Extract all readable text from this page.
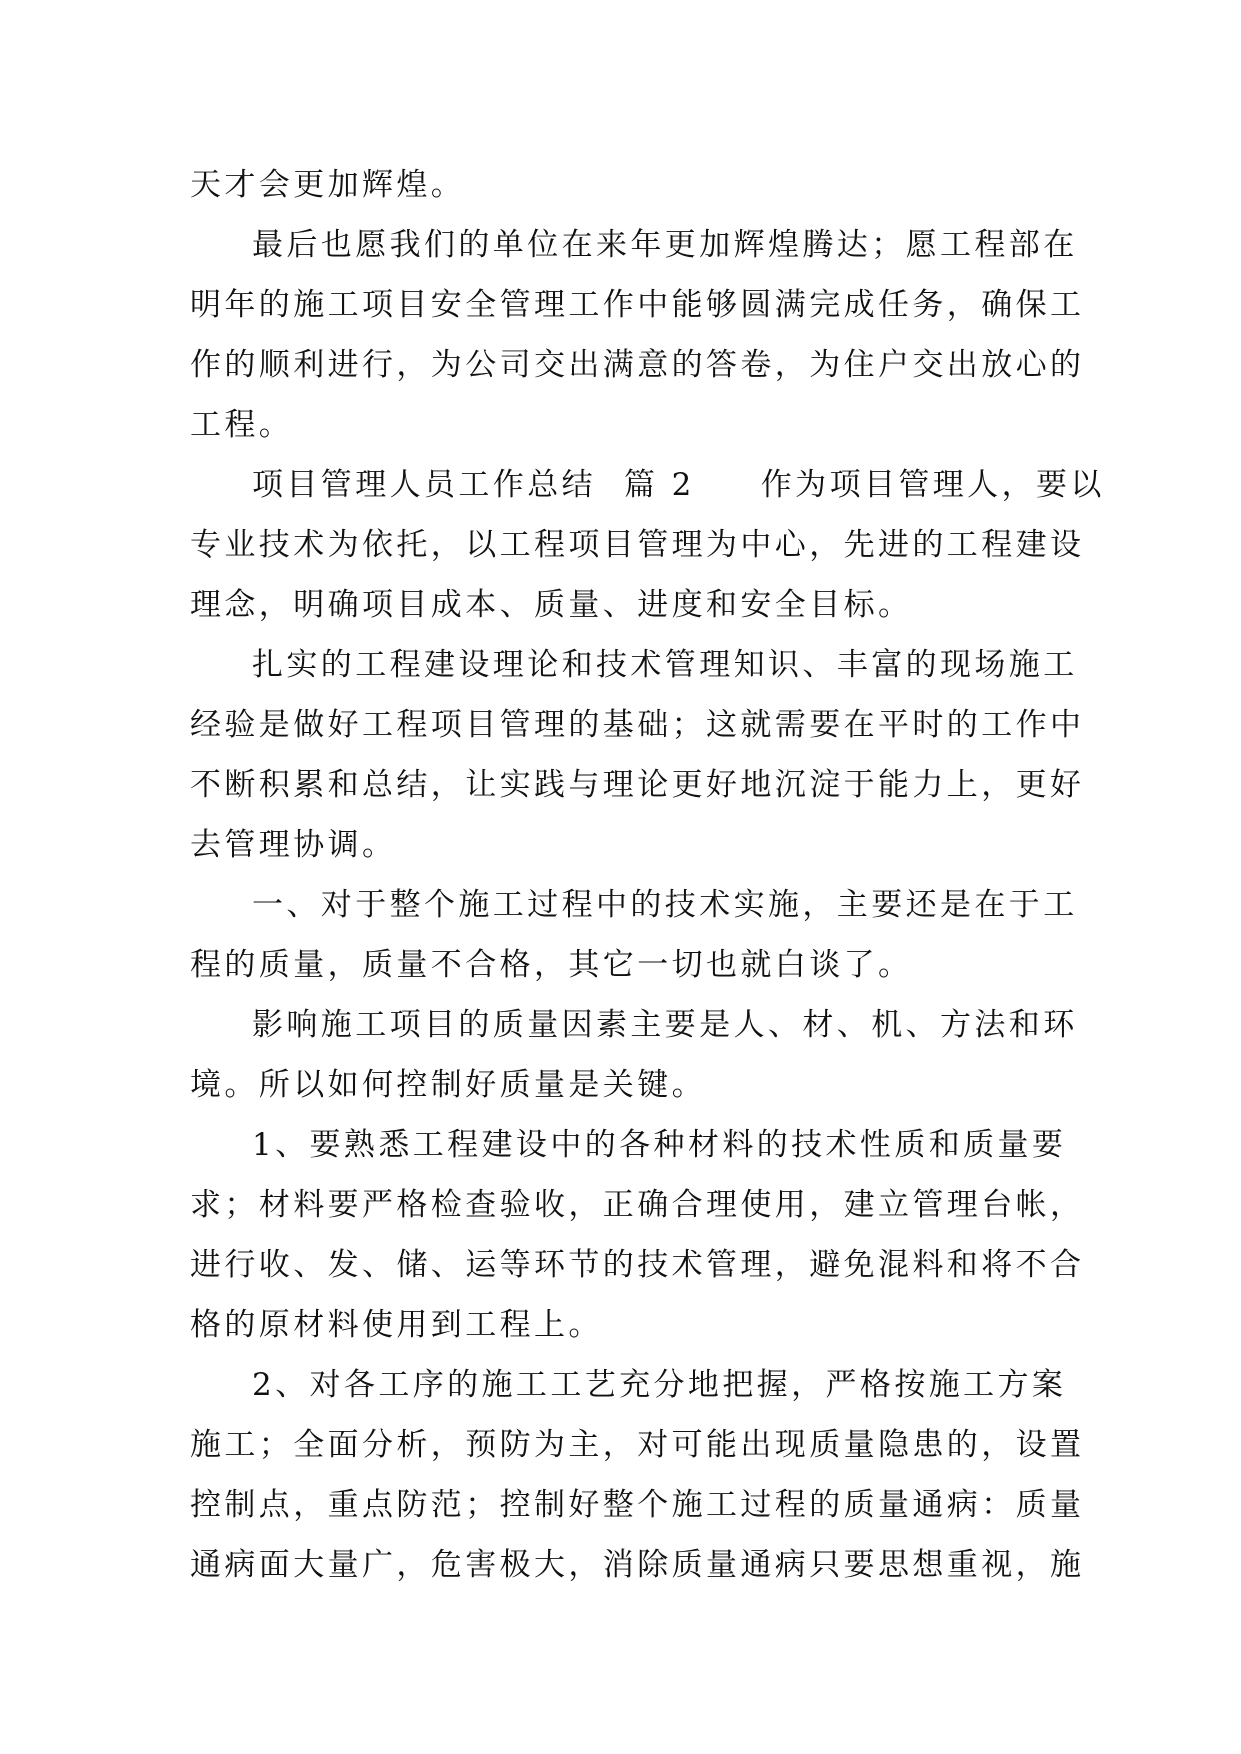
天才会更加辉煌。
最后也愿我们的单位在来年更加辉煌腾达；愿工程部在
明年的施工项目安全管理工作中能够圆满完成任务，确保工
作的顺利进行，为公司交出满意的答卷，为住户交出放心的
工程。
项目管理人员工作总结 篇 2 作为项目管理人，要以
专业技术为依托，以工程项目管理为中心，先进的工程建设
理念，明确项目成本、质量、进度和安全目标。
扎实的工程建设理论和技术管理知识、丰富的现场施工
经验是做好工程项目管理的基础；这就需要在平时的工作中
不断积累和总结，让实践与理论更好地沉淀于能力上，更好
去管理协调。
一、对于整个施工过程中的技术实施，主要还是在于工
程的质量，质量不合格，其它一切也就白谈了。
影响施工项目的质量因素主要是人、材、机、方法和环
境。所以如何控制好质量是关键。
1、要熟悉工程建设中的各种材料的技术性质和质量要
求；材料要严格检查验收，正确合理使用，建立管理台帐，
进行收、发、储、运等环节的技术管理，避免混料和将不合
格的原材料使用到工程上。
2、对各工序的施工工艺充分地把握，严格按施工方案
施工；全面分析，预防为主，对可能出现质量隐患的，设置
控制点，重点防范；控制好整个施工过程的质量通病：质量
通病面大量广，危害极大，消除质量通病只要思想重视，施
